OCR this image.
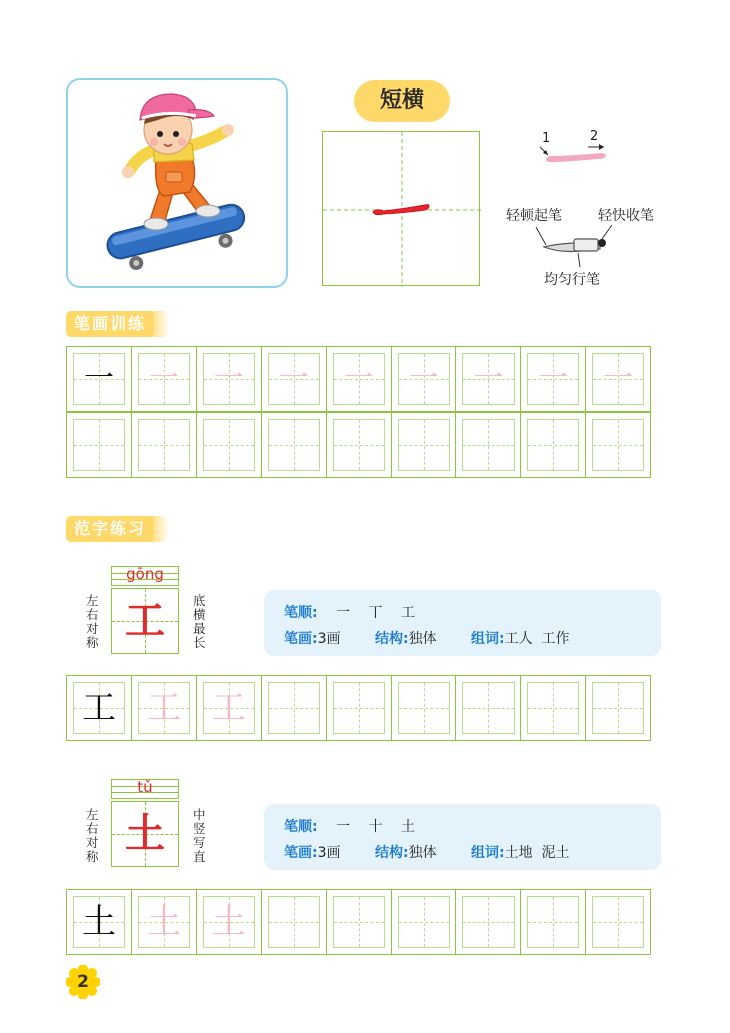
短横
1	2
轻顿起笔	轻快收笔
均匀行笔
笔画训练
一	一	一	一	一	一	一	一	一
范字练习
左右对称
gōng
工	底横最长
笔顺: 一 丅 工
笔画:3画 结构:独体 组词:工人  工作
工 工 工
左右对称
tǔ
土	中竖写直
笔顺: 一 十 土
笔画:3画 结构:独体 组词:土地  泥土
土 土 土
2
